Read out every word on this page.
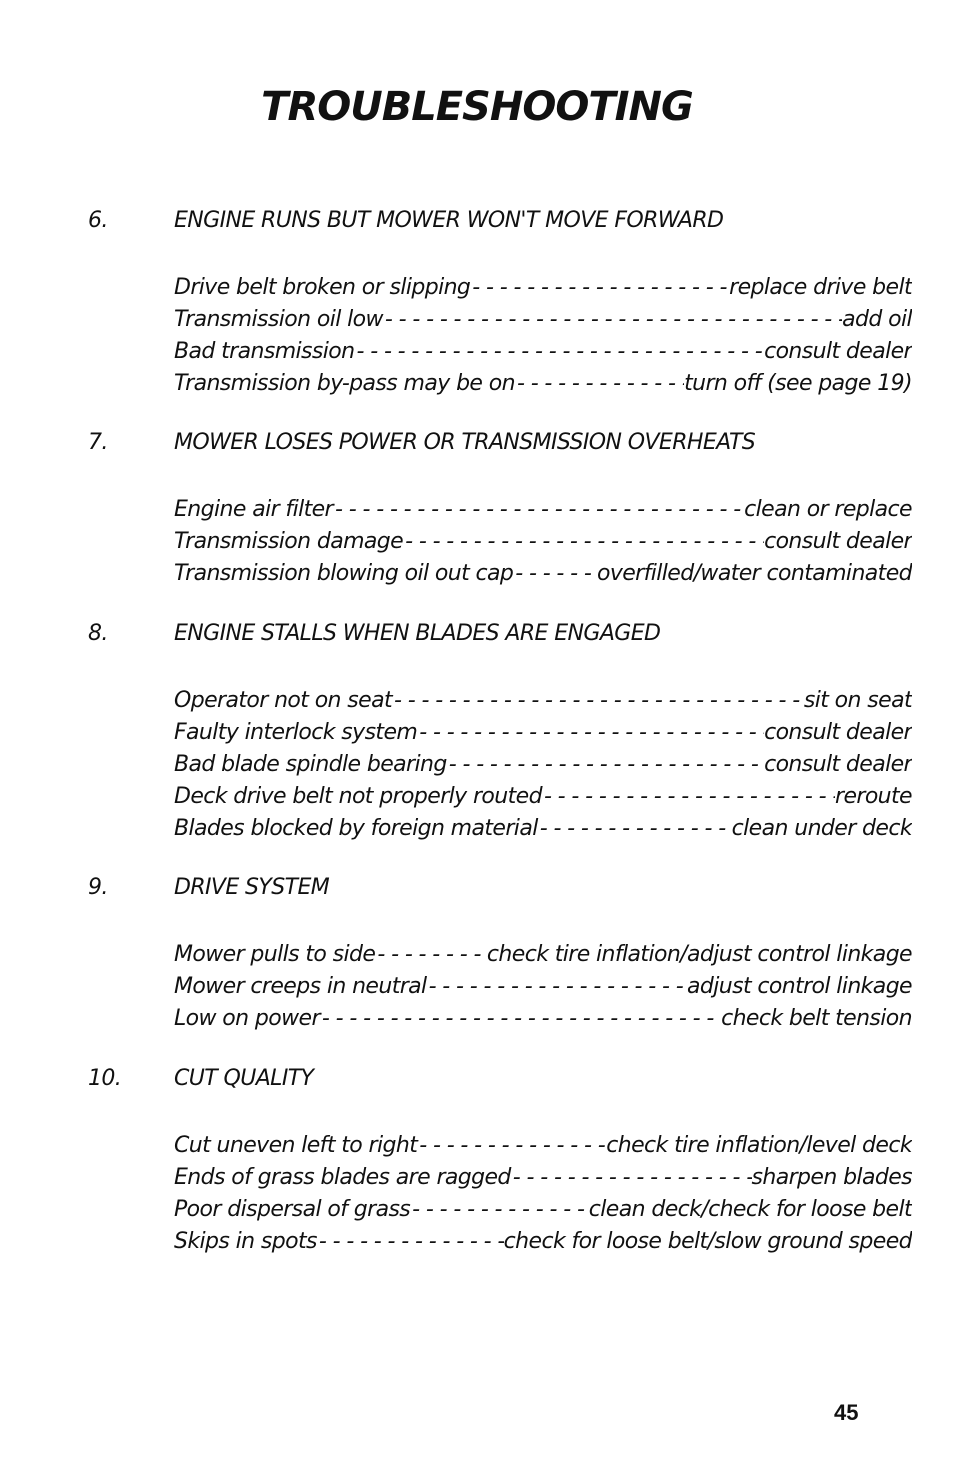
TROUBLESHOOTING
6.	ENGINE RUNS BUT MOWER WON'T MOVE FORWARD
Drive belt broken or slipping - - -	replace drive belt
Transmission oil low - - -	add oil
Bad transmission - - -	consult dealer
Transmission by-pass may be on - - -	turn off (see page 19)
7.	MOWER LOSES POWER OR TRANSMISSION OVERHEATS
Engine air filter - - -	clean or replace
Transmission damage - - -	consult dealer
Transmission blowing oil out cap - - -	overfilled/water contaminated
8.	ENGINE STALLS WHEN BLADES ARE ENGAGED
Operator not on seat - - -	sit on seat
Faulty interlock system - - -	consult dealer
Bad blade spindle bearing - - -	consult dealer
Deck drive belt not properly routed - - -	reroute
Blades blocked by foreign material - - -	clean under deck
9.	DRIVE SYSTEM
Mower pulls to side - - -	check tire inflation/adjust control linkage
Mower creeps in neutral - - -	adjust control linkage
Low on power - - -	check belt tension
10. CUT QUALITY
Cut uneven left to right - - -	check tire inflation/level deck
Ends of grass blades are ragged - - -	sharpen blades
Poor dispersal of grass - - -	clean deck/check for loose belt
Skips in spots - - -	check for loose belt/slow ground speed
45
